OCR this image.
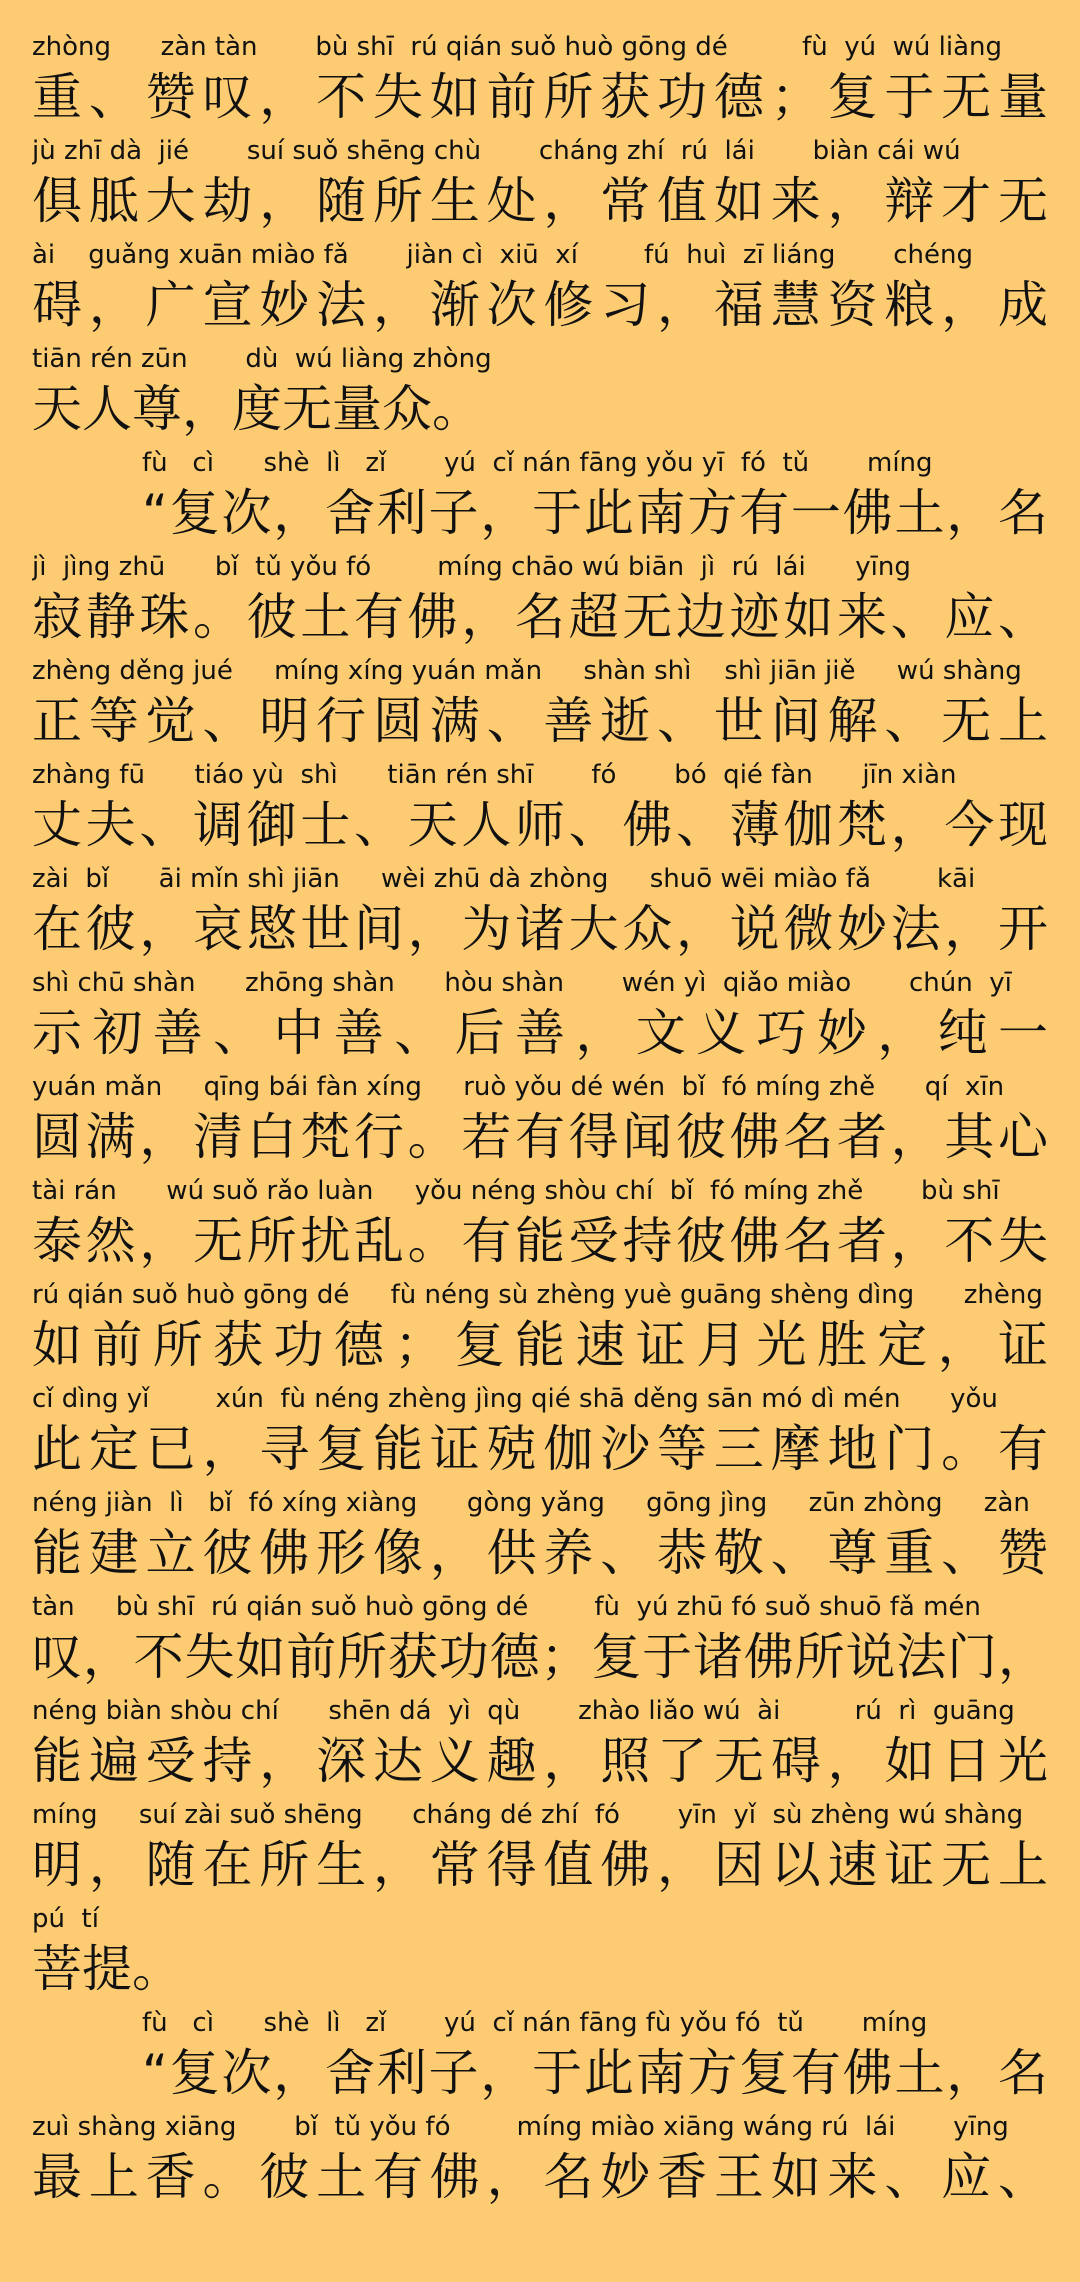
zhòng      zàn tàn       bù shī  rú qián suǒ huò gōng dé         fù  yú  wú liàng
重、赞叹，不失如前所获功德；复于无量
jù zhī dà  jié       suí suǒ shēng chù       cháng zhí  rú  lái       biàn cái wú
俱胝大劫，随所生处，常值如来，辩才无
ài    guǎng xuān miào fǎ       jiàn cì  xiū  xí        fú  huì  zī liáng       chéng
碍，广宣妙法，渐次修习，福慧资粮，成
tiān rén zūn       dù  wú liàng zhòng
天人尊，度无量众。
fù   cì      shè  lì   zǐ       yú  cǐ nán fāng yǒu yī  fó  tǔ       míng
“复次，舍利子，于此南方有一佛土，名
jì  jìng zhū      bǐ  tǔ yǒu fó        míng chāo wú biān  jì  rú  lái      yīng
寂静珠。彼土有佛，名超无边迹如来、应、
zhèng děng jué     míng xíng yuán mǎn     shàn shì    shì jiān jiě     wú shàng
正等觉、明行圆满、善逝、世间解、无上
zhàng fū      tiáo yù  shì      tiān rén shī       fó       bó  qié fàn      jīn xiàn
丈夫、调御士、天人师、佛、薄伽梵，今现
zài  bǐ      āi mǐn shì jiān     wèi zhū dà zhòng     shuō wēi miào fǎ        kāi
在彼，哀愍世间，为诸大众，说微妙法，开
shì chū shàn      zhōng shàn      hòu shàn       wén yì  qiǎo miào       chún  yī
示初善、中善、后善，文义巧妙，纯一
yuán mǎn     qīng bái fàn xíng     ruò yǒu dé wén  bǐ  fó míng zhě      qí  xīn
圆满，清白梵行。若有得闻彼佛名者，其心
tài rán      wú suǒ rǎo luàn     yǒu néng shòu chí  bǐ  fó míng zhě       bù shī
泰然，无所扰乱。有能受持彼佛名者，不失
rú qián suǒ huò gōng dé     fù néng sù zhèng yuè guāng shèng dìng      zhèng
如前所获功德；复能速证月光胜定，证
cǐ dìng yǐ        xún  fù néng zhèng jìng qié shā děng sān mó dì mén      yǒu
此定已，寻复能证殑伽沙等三摩地门。有
néng jiàn  lì   bǐ  fó xíng xiàng      gòng yǎng     gōng jìng     zūn zhòng     zàn
能建立彼佛形像，供养、恭敬、尊重、赞
tàn     bù shī  rú qián suǒ huò gōng dé        fù  yú zhū fó suǒ shuō fǎ mén
叹，不失如前所获功德；复于诸佛所说法门，
néng biàn shòu chí      shēn dá  yì  qù       zhào liǎo wú  ài         rú  rì  guāng
能遍受持，深达义趣，照了无碍，如日光
míng     suí zài suǒ shēng      cháng dé zhí  fó       yīn  yǐ  sù zhèng wú shàng
明，随在所生，常得值佛，因以速证无上
pú  tí
菩提。
fù   cì      shè  lì   zǐ       yú  cǐ nán fāng fù yǒu fó  tǔ       míng
“复次，舍利子，于此南方复有佛土，名
zuì shàng xiāng       bǐ  tǔ yǒu fó        míng miào xiāng wáng rú  lái       yīng
最上香。彼土有佛，名妙香王如来、应、
